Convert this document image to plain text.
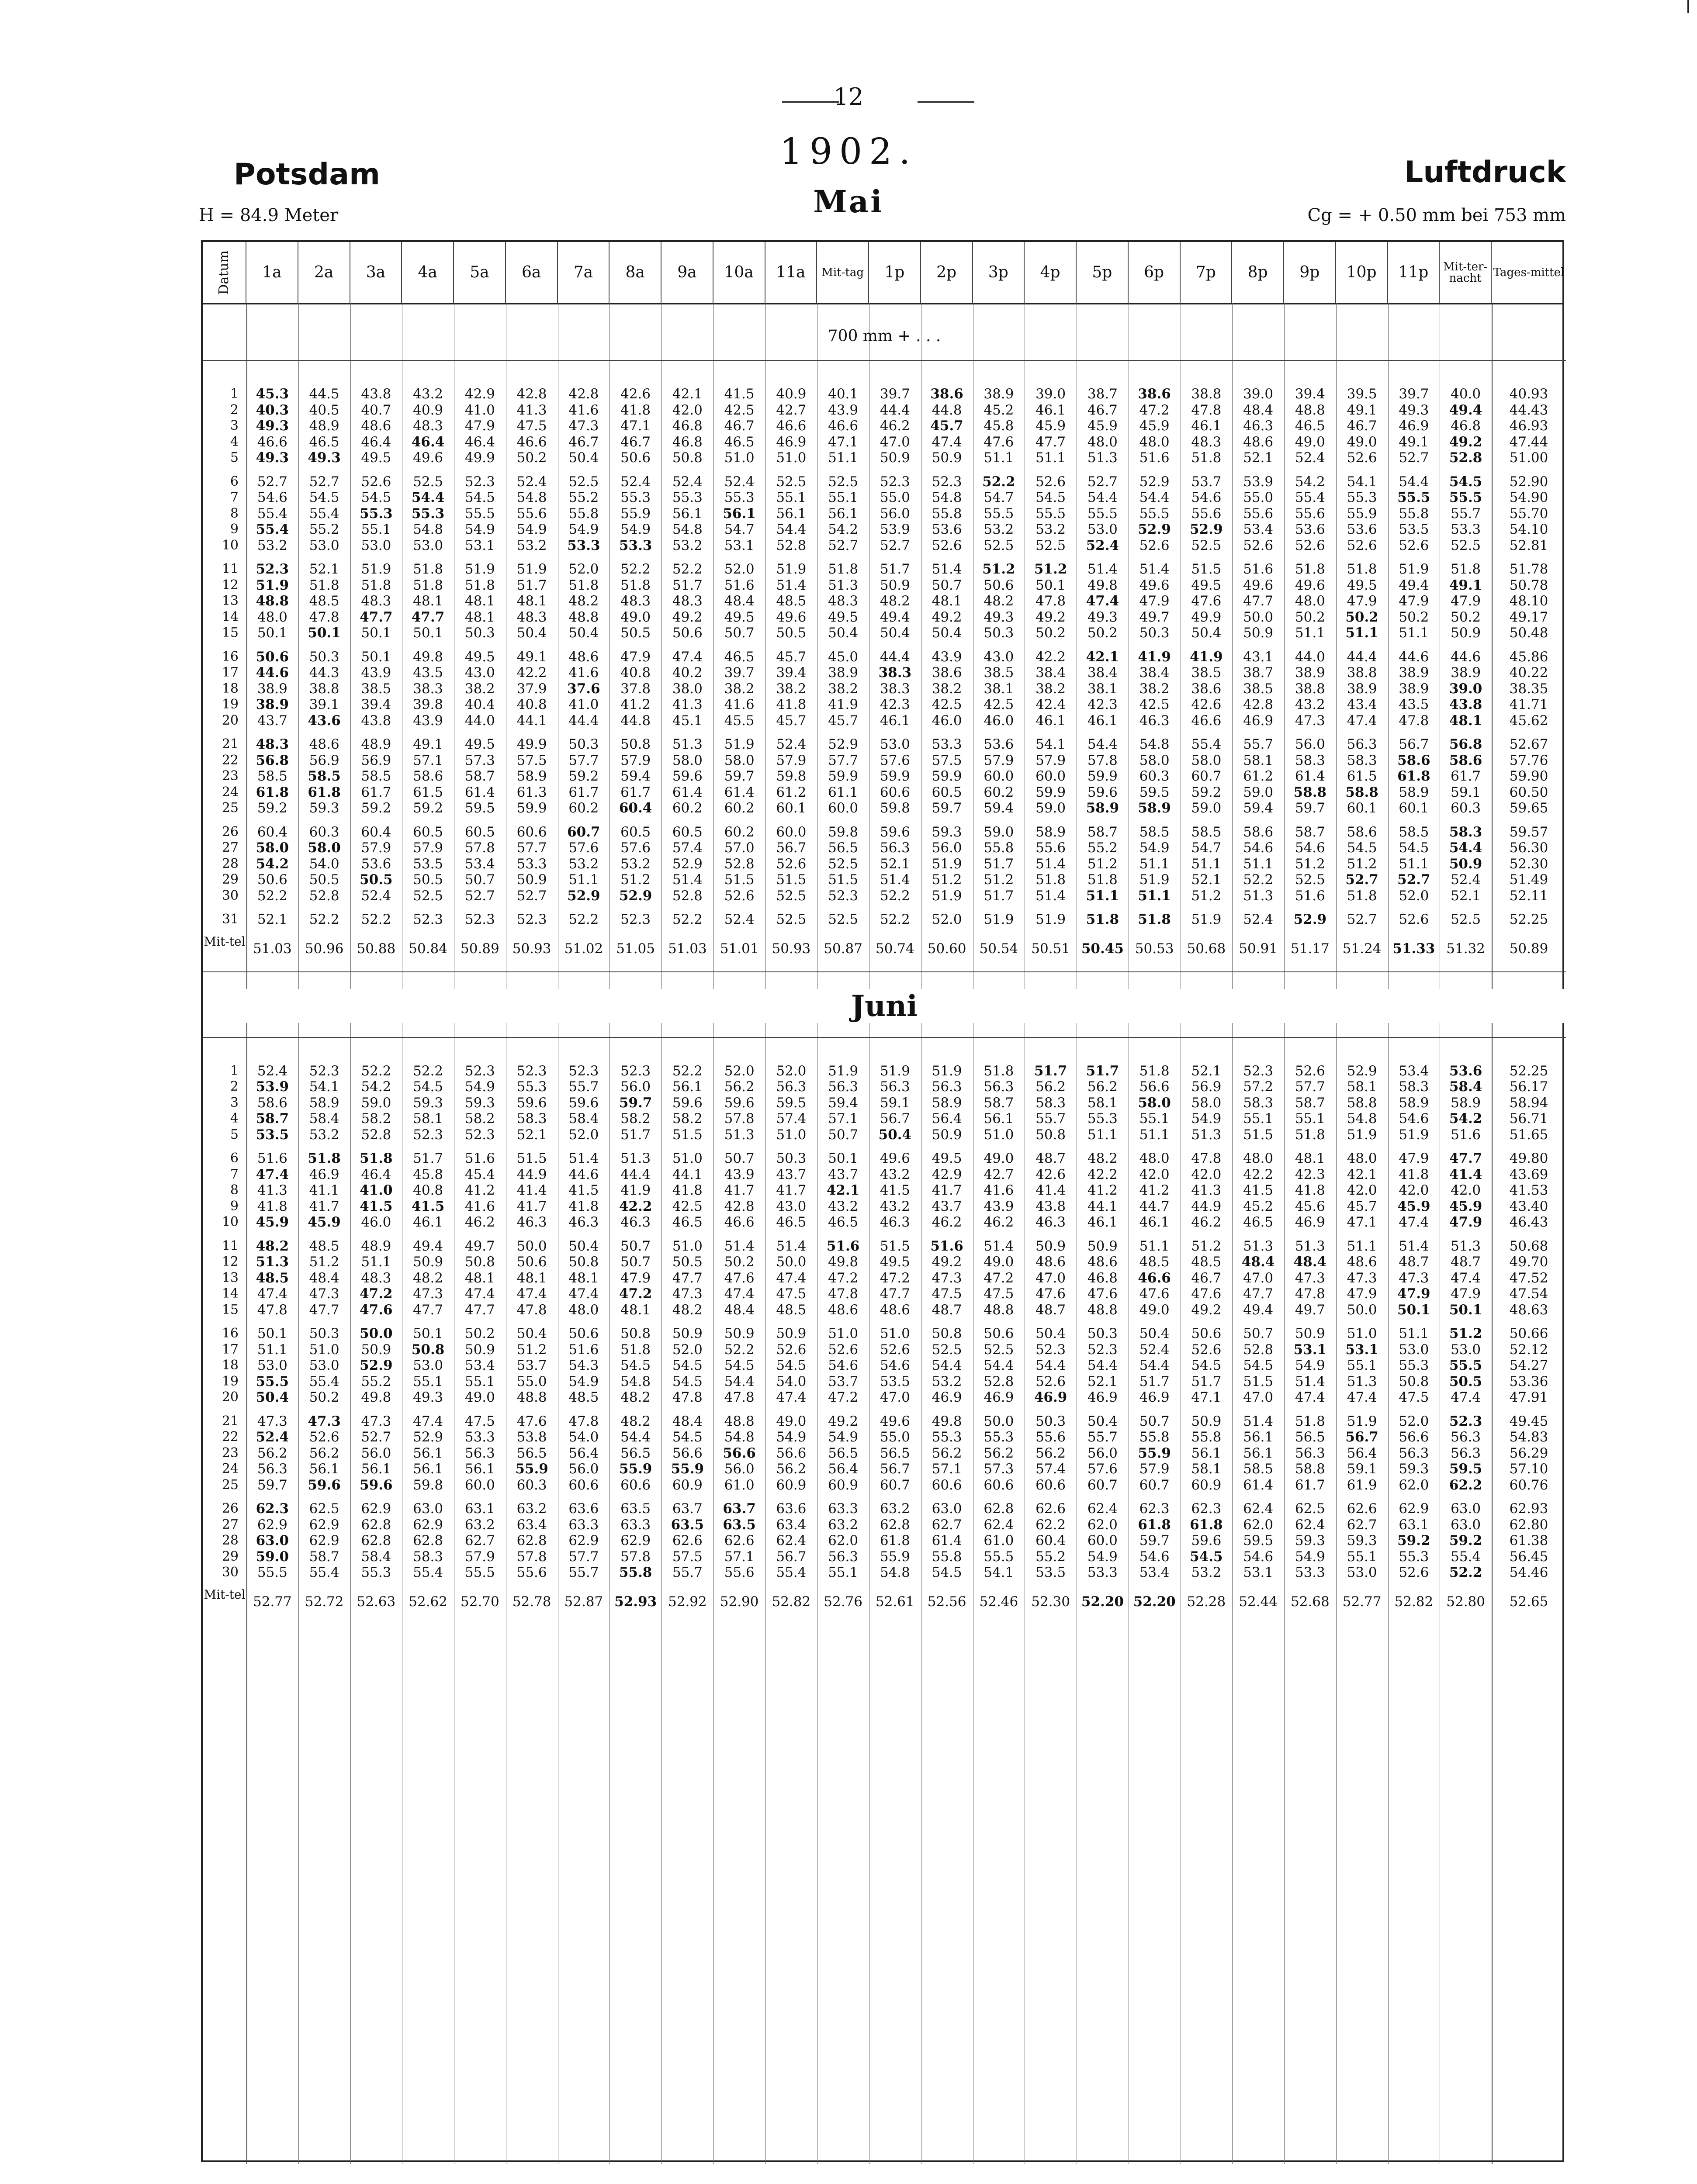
12
1902.
Potsdam	Luftdruck
H = 84.9 Meter	Cg = + 0.50 mm bei 753 mm
Mai
Datum	1a	2a	3a	4a	5a	6a	7a	8a	9a	10a	11a	Mit-tag	1p	2p	3p	4p	5p	6p	7p	8p	9p	10p	11p	Mit-ter-nacht	Tages-mittel
700 mm + . . .
1	45.3	44.5	43.8	43.2	42.9	42.8	42.8	42.6	42.1	41.5	40.9	40.1	39.7	38.6	38.9	39.0	38.7	38.6	38.8	39.0	39.4	39.5	39.7	40.0	40.93
2	40.3	40.5	40.7	40.9	41.0	41.3	41.6	41.8	42.0	42.5	42.7	43.9	44.4	44.8	45.2	46.1	46.7	47.2	47.8	48.4	48.8	49.1	49.3	49.4	44.43
3	49.3	48.9	48.6	48.3	47.9	47.5	47.3	47.1	46.8	46.7	46.6	46.6	46.2	45.7	45.8	45.9	45.9	45.9	46.1	46.3	46.5	46.7	46.9	46.8	46.93
4	46.6	46.5	46.4	46.4	46.4	46.6	46.7	46.7	46.8	46.5	46.9	47.1	47.0	47.4	47.6	47.7	48.0	48.0	48.3	48.6	49.0	49.0	49.1	49.2	47.44
5	49.3	49.3	49.5	49.6	49.9	50.2	50.4	50.6	50.8	51.0	51.0	51.1	50.9	50.9	51.1	51.1	51.3	51.6	51.8	52.1	52.4	52.6	52.7	52.8	51.00
6	52.7	52.7	52.6	52.5	52.3	52.4	52.5	52.4	52.4	52.4	52.5	52.5	52.3	52.3	52.2	52.6	52.7	52.9	53.7	53.9	54.2	54.1	54.4	54.5	52.90
7	54.6	54.5	54.5	54.4	54.5	54.8	55.2	55.3	55.3	55.3	55.1	55.1	55.0	54.8	54.7	54.5	54.4	54.4	54.6	55.0	55.4	55.3	55.5	55.5	54.90
8	55.4	55.4	55.3	55.3	55.5	55.6	55.8	55.9	56.1	56.1	56.1	56.1	56.0	55.8	55.5	55.5	55.5	55.5	55.6	55.6	55.6	55.9	55.8	55.7	55.70
9	55.4	55.2	55.1	54.8	54.9	54.9	54.9	54.9	54.8	54.7	54.4	54.2	53.9	53.6	53.2	53.2	53.0	52.9	52.9	53.4	53.6	53.6	53.5	53.3	54.10
10	53.2	53.0	53.0	53.0	53.1	53.2	53.3	53.3	53.2	53.1	52.8	52.7	52.7	52.6	52.5	52.5	52.4	52.6	52.5	52.6	52.6	52.6	52.6	52.5	52.81
11	52.3	52.1	51.9	51.8	51.9	51.9	52.0	52.2	52.2	52.0	51.9	51.8	51.7	51.4	51.2	51.2	51.4	51.4	51.5	51.6	51.8	51.8	51.9	51.8	51.78
12	51.9	51.8	51.8	51.8	51.8	51.7	51.8	51.8	51.7	51.6	51.4	51.3	50.9	50.7	50.6	50.1	49.8	49.6	49.5	49.6	49.6	49.5	49.4	49.1	50.78
13	48.8	48.5	48.3	48.1	48.1	48.1	48.2	48.3	48.3	48.4	48.5	48.3	48.2	48.1	48.2	47.8	47.4	47.9	47.6	47.7	48.0	47.9	47.9	47.9	48.10
14	48.0	47.8	47.7	47.7	48.1	48.3	48.8	49.0	49.2	49.5	49.6	49.5	49.4	49.2	49.3	49.2	49.3	49.7	49.9	50.0	50.2	50.2	50.2	50.2	49.17
15	50.1	50.1	50.1	50.1	50.3	50.4	50.4	50.5	50.6	50.7	50.5	50.4	50.4	50.4	50.3	50.2	50.2	50.3	50.4	50.9	51.1	51.1	51.1	50.9	50.48
16	50.6	50.3	50.1	49.8	49.5	49.1	48.6	47.9	47.4	46.5	45.7	45.0	44.4	43.9	43.0	42.2	42.1	41.9	41.9	43.1	44.0	44.4	44.6	44.6	45.86
17	44.6	44.3	43.9	43.5	43.0	42.2	41.6	40.8	40.2	39.7	39.4	38.9	38.3	38.6	38.5	38.4	38.4	38.4	38.5	38.7	38.9	38.8	38.9	38.9	40.22
18	38.9	38.8	38.5	38.3	38.2	37.9	37.6	37.8	38.0	38.2	38.2	38.2	38.3	38.2	38.1	38.2	38.1	38.2	38.6	38.5	38.8	38.9	38.9	39.0	38.35
19	38.9	39.1	39.4	39.8	40.4	40.8	41.0	41.2	41.3	41.6	41.8	41.9	42.3	42.5	42.5	42.4	42.3	42.5	42.6	42.8	43.2	43.4	43.5	43.8	41.71
20	43.7	43.6	43.8	43.9	44.0	44.1	44.4	44.8	45.1	45.5	45.7	45.7	46.1	46.0	46.0	46.1	46.1	46.3	46.6	46.9	47.3	47.4	47.8	48.1	45.62
21	48.3	48.6	48.9	49.1	49.5	49.9	50.3	50.8	51.3	51.9	52.4	52.9	53.0	53.3	53.6	54.1	54.4	54.8	55.4	55.7	56.0	56.3	56.7	56.8	52.67
22	56.8	56.9	56.9	57.1	57.3	57.5	57.7	57.9	58.0	58.0	57.9	57.7	57.6	57.5	57.9	57.9	57.8	58.0	58.0	58.1	58.3	58.3	58.6	58.6	57.76
23	58.5	58.5	58.5	58.6	58.7	58.9	59.2	59.4	59.6	59.7	59.8	59.9	59.9	59.9	60.0	60.0	59.9	60.3	60.7	61.2	61.4	61.5	61.8	61.7	59.90
24	61.8	61.8	61.7	61.5	61.4	61.3	61.7	61.7	61.4	61.4	61.2	61.1	60.6	60.5	60.2	59.9	59.6	59.5	59.2	59.0	58.8	58.8	58.9	59.1	60.50
25	59.2	59.3	59.2	59.2	59.5	59.9	60.2	60.4	60.2	60.2	60.1	60.0	59.8	59.7	59.4	59.0	58.9	58.9	59.0	59.4	59.7	60.1	60.1	60.3	59.65
26	60.4	60.3	60.4	60.5	60.5	60.6	60.7	60.5	60.5	60.2	60.0	59.8	59.6	59.3	59.0	58.9	58.7	58.5	58.5	58.6	58.7	58.6	58.5	58.3	59.57
27	58.0	58.0	57.9	57.9	57.8	57.7	57.6	57.6	57.4	57.0	56.7	56.5	56.3	56.0	55.8	55.6	55.2	54.9	54.7	54.6	54.6	54.5	54.5	54.4	56.30
28	54.2	54.0	53.6	53.5	53.4	53.3	53.2	53.2	52.9	52.8	52.6	52.5	52.1	51.9	51.7	51.4	51.2	51.1	51.1	51.1	51.2	51.2	51.1	50.9	52.30
29	50.6	50.5	50.5	50.5	50.7	50.9	51.1	51.2	51.4	51.5	51.5	51.5	51.4	51.2	51.2	51.8	51.8	51.9	52.1	52.2	52.5	52.7	52.7	52.4	51.49
30	52.2	52.8	52.4	52.5	52.7	52.7	52.9	52.9	52.8	52.6	52.5	52.3	52.2	51.9	51.7	51.4	51.1	51.1	51.2	51.3	51.6	51.8	52.0	52.1	52.11
31	52.1	52.2	52.2	52.3	52.3	52.3	52.2	52.3	52.2	52.4	52.5	52.5	52.2	52.0	51.9	51.9	51.8	51.8	51.9	52.4	52.9	52.7	52.6	52.5	52.25
Mit-tel 51.03 50.96 50.88 50.84 50.89 50.93 51.02 51.05 51.03 51.01 50.93 50.87 50.74 50.60 50.54 50.51 50.45 50.53 50.68 50.91 51.17 51.24 51.33 51.32	50.89
Juni
1	52.4	52.3	52.2	52.2	52.3	52.3	52.3	52.3	52.2	52.0	52.0	51.9	51.9	51.9	51.8	51.7	51.7	51.8	52.1	52.3	52.6	52.9	53.4	53.6	52.25
2	53.9	54.1	54.2	54.5	54.9	55.3	55.7	56.0	56.1	56.2	56.3	56.3	56.3	56.3	56.3	56.2	56.2	56.6	56.9	57.2	57.7	58.1	58.3	58.4	56.17
3	58.6	58.9	59.0	59.3	59.3	59.6	59.6	59.7	59.6	59.6	59.5	59.4	59.1	58.9	58.7	58.3	58.1	58.0	58.0	58.3	58.7	58.8	58.9	58.9	58.94
4	58.7	58.4	58.2	58.1	58.2	58.3	58.4	58.2	58.2	57.8	57.4	57.1	56.7	56.4	56.1	55.7	55.3	55.1	54.9	55.1	55.1	54.8	54.6	54.2	56.71
5	53.5	53.2	52.8	52.3	52.3	52.1	52.0	51.7	51.5	51.3	51.0	50.7	50.4	50.9	51.0	50.8	51.1	51.1	51.3	51.5	51.8	51.9	51.9	51.6	51.65
6	51.6	51.8	51.8	51.7	51.6	51.5	51.4	51.3	51.0	50.7	50.3	50.1	49.6	49.5	49.0	48.7	48.2	48.0	47.8	48.0	48.1	48.0	47.9	47.7	49.80
7	47.4	46.9	46.4	45.8	45.4	44.9	44.6	44.4	44.1	43.9	43.7	43.7	43.2	42.9	42.7	42.6	42.2	42.0	42.0	42.2	42.3	42.1	41.8	41.4	43.69
8	41.3	41.1	41.0	40.8	41.2	41.4	41.5	41.9	41.8	41.7	41.7	42.1	41.5	41.7	41.6	41.4	41.2	41.2	41.3	41.5	41.8	42.0	42.0	42.0	41.53
9	41.8	41.7	41.5	41.5	41.6	41.7	41.8	42.2	42.5	42.8	43.0	43.2	43.2	43.7	43.9	43.8	44.1	44.7	44.9	45.2	45.6	45.7	45.9	45.9	43.40
10	45.9	45.9	46.0	46.1	46.2	46.3	46.3	46.3	46.5	46.6	46.5	46.5	46.3	46.2	46.2	46.3	46.1	46.1	46.2	46.5	46.9	47.1	47.4	47.9	46.43
11	48.2	48.5	48.9	49.4	49.7	50.0	50.4	50.7	51.0	51.4	51.4	51.6	51.5	51.6	51.4	50.9	50.9	51.1	51.2	51.3	51.3	51.1	51.4	51.3	50.68
12	51.3	51.2	51.1	50.9	50.8	50.6	50.8	50.7	50.5	50.2	50.0	49.8	49.5	49.2	49.0	48.6	48.6	48.5	48.5	48.4	48.4	48.6	48.7	48.7	49.70
13	48.5	48.4	48.3	48.2	48.1	48.1	48.1	47.9	47.7	47.6	47.4	47.2	47.2	47.3	47.2	47.0	46.8	46.6	46.7	47.0	47.3	47.3	47.3	47.4	47.52
14	47.4	47.3	47.2	47.3	47.4	47.4	47.4	47.2	47.3	47.4	47.5	47.8	47.7	47.5	47.5	47.6	47.6	47.6	47.6	47.7	47.8	47.9	47.9	47.9	47.54
15	47.8	47.7	47.6	47.7	47.7	47.8	48.0	48.1	48.2	48.4	48.5	48.6	48.6	48.7	48.8	48.7	48.8	49.0	49.2	49.4	49.7	50.0	50.1	50.1	48.63
16	50.1	50.3	50.0	50.1	50.2	50.4	50.6	50.8	50.9	50.9	50.9	51.0	51.0	50.8	50.6	50.4	50.3	50.4	50.6	50.7	50.9	51.0	51.1	51.2	50.66
17	51.1	51.0	50.9	50.8	50.9	51.2	51.6	51.8	52.0	52.2	52.6	52.6	52.6	52.5	52.5	52.3	52.3	52.4	52.6	52.8	53.1	53.1	53.0	53.0	52.12
18	53.0	53.0	52.9	53.0	53.4	53.7	54.3	54.5	54.5	54.5	54.5	54.6	54.6	54.4	54.4	54.4	54.4	54.4	54.5	54.5	54.9	55.1	55.3	55.5	54.27
19	55.5	55.4	55.2	55.1	55.1	55.0	54.9	54.8	54.5	54.4	54.0	53.7	53.5	53.2	52.8	52.6	52.1	51.7	51.7	51.5	51.4	51.3	50.8	50.5	53.36
20	50.4	50.2	49.8	49.3	49.0	48.8	48.5	48.2	47.8	47.8	47.4	47.2	47.0	46.9	46.9	46.9	46.9	46.9	47.1	47.0	47.4	47.4	47.5	47.4	47.91
21	47.3	47.3	47.3	47.4	47.5	47.6	47.8	48.2	48.4	48.8	49.0	49.2	49.6	49.8	50.0	50.3	50.4	50.7	50.9	51.4	51.8	51.9	52.0	52.3	49.45
22	52.4	52.6	52.7	52.9	53.3	53.8	54.0	54.4	54.5	54.8	54.9	54.9	55.0	55.3	55.3	55.6	55.7	55.8	55.8	56.1	56.5	56.7	56.6	56.3	54.83
23	56.2	56.2	56.0	56.1	56.3	56.5	56.4	56.5	56.6	56.6	56.6	56.5	56.5	56.2	56.2	56.2	56.0	55.9	56.1	56.1	56.3	56.4	56.3	56.3	56.29
24	56.3	56.1	56.1	56.1	56.1	55.9	56.0	55.9	55.9	56.0	56.2	56.4	56.7	57.1	57.3	57.4	57.6	57.9	58.1	58.5	58.8	59.1	59.3	59.5	57.10
25	59.7	59.6	59.6	59.8	60.0	60.3	60.6	60.6	60.9	61.0	60.9	60.9	60.7	60.6	60.6	60.6	60.7	60.7	60.9	61.4	61.7	61.9	62.0	62.2	60.76
26	62.3	62.5	62.9	63.0	63.1	63.2	63.6	63.5	63.7	63.7	63.6	63.3	63.2	63.0	62.8	62.6	62.4	62.3	62.3	62.4	62.5	62.6	62.9	63.0	62.93
27	62.9	62.9	62.8	62.9	63.2	63.4	63.3	63.3	63.5	63.5	63.4	63.2	62.8	62.7	62.4	62.2	62.0	61.8	61.8	62.0	62.4	62.7	63.1	63.0	62.80
28	63.0	62.9	62.8	62.8	62.7	62.8	62.9	62.9	62.6	62.6	62.4	62.0	61.8	61.4	61.0	60.4	60.0	59.7	59.6	59.5	59.3	59.3	59.2	59.2	61.38
29	59.0	58.7	58.4	58.3	57.9	57.8	57.7	57.8	57.5	57.1	56.7	56.3	55.9	55.8	55.5	55.2	54.9	54.6	54.5	54.6	54.9	55.1	55.3	55.4	56.45
30	55.5	55.4	55.3	55.4	55.5	55.6	55.7	55.8	55.7	55.6	55.4	55.1	54.8	54.5	54.1	53.5	53.3	53.4	53.2	53.1	53.3	53.0	52.6	52.2	54.46
Mit-tel 52.77 52.72 52.63 52.62 52.70 52.78 52.87 52.93 52.92 52.90 52.82 52.76 52.61 52.56 52.46 52.30 52.20 52.20 52.28 52.44 52.68 52.77 52.82 52.80	52.65
